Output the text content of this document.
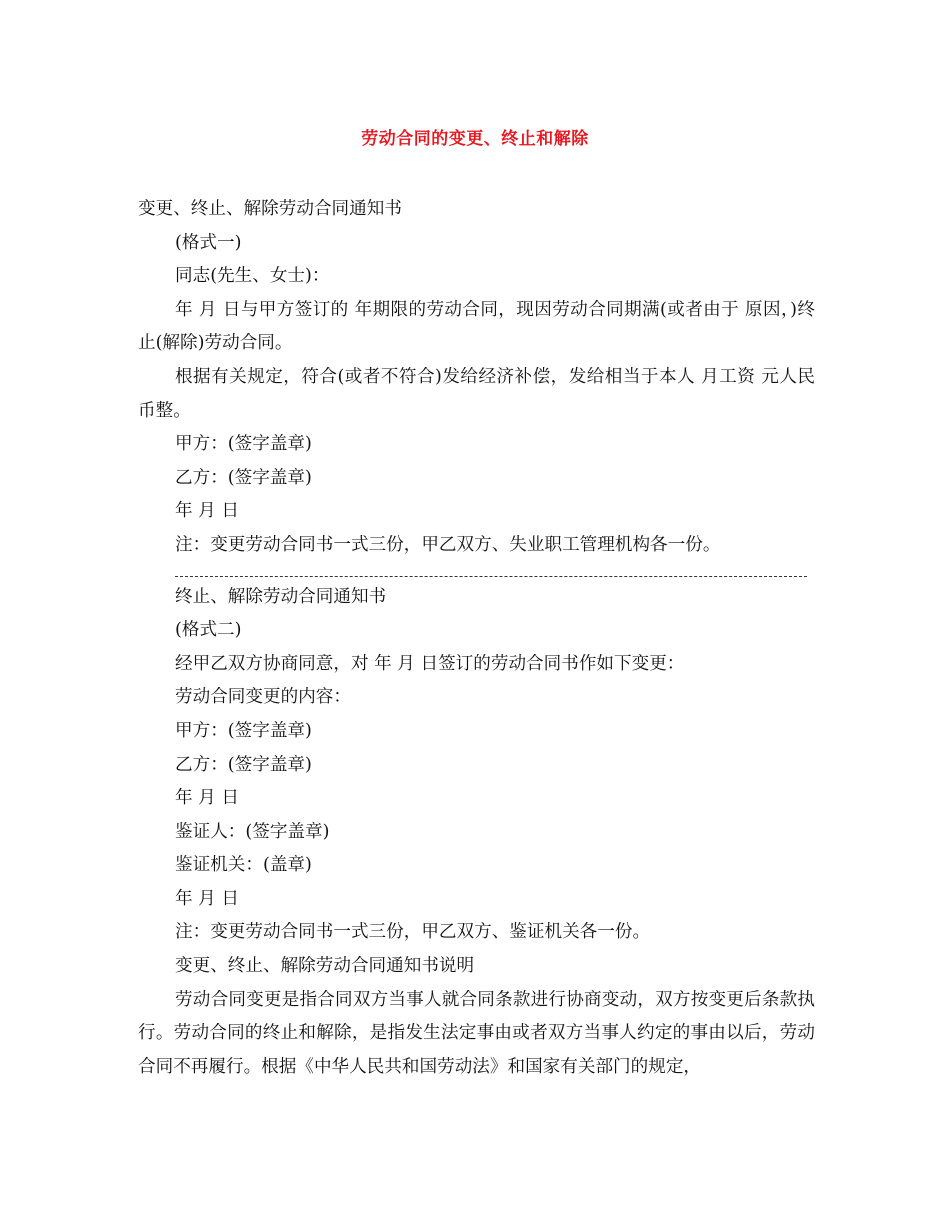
劳动合同的变更、终止和解除

变更、终止、解除劳动合同通知书

(格式一)

同志(先生、女士)：

年 月 日与甲方签订的 年期限的劳动合同，现因劳动合同期满(或者由于 原因，)终止(解除)劳动合同。

根据有关规定，符合(或者不符合)发给经济补偿，发给相当于本人 月工资 元人民币整。

甲方：(签字盖章)

乙方：(签字盖章)

年 月 日

注：变更劳动合同书一式三份，甲乙双方、失业职工管理机构各一份。

终止、解除劳动合同通知书

(格式二)

经甲乙双方协商同意，对 年 月 日签订的劳动合同书作如下变更：

劳动合同变更的内容：

甲方：(签字盖章)

乙方：(签字盖章)

年 月 日

鉴证人：(签字盖章)

鉴证机关：(盖章)

年 月 日

注：变更劳动合同书一式三份，甲乙双方、鉴证机关各一份。

变更、终止、解除劳动合同通知书说明

劳动合同变更是指合同双方当事人就合同条款进行协商变动，双方按变更后条款执行。劳动合同的终止和解除，是指发生法定事由或者双方当事人约定的事由以后，劳动合同不再履行。根据《中华人民共和国劳动法》和国家有关部门的规定，
